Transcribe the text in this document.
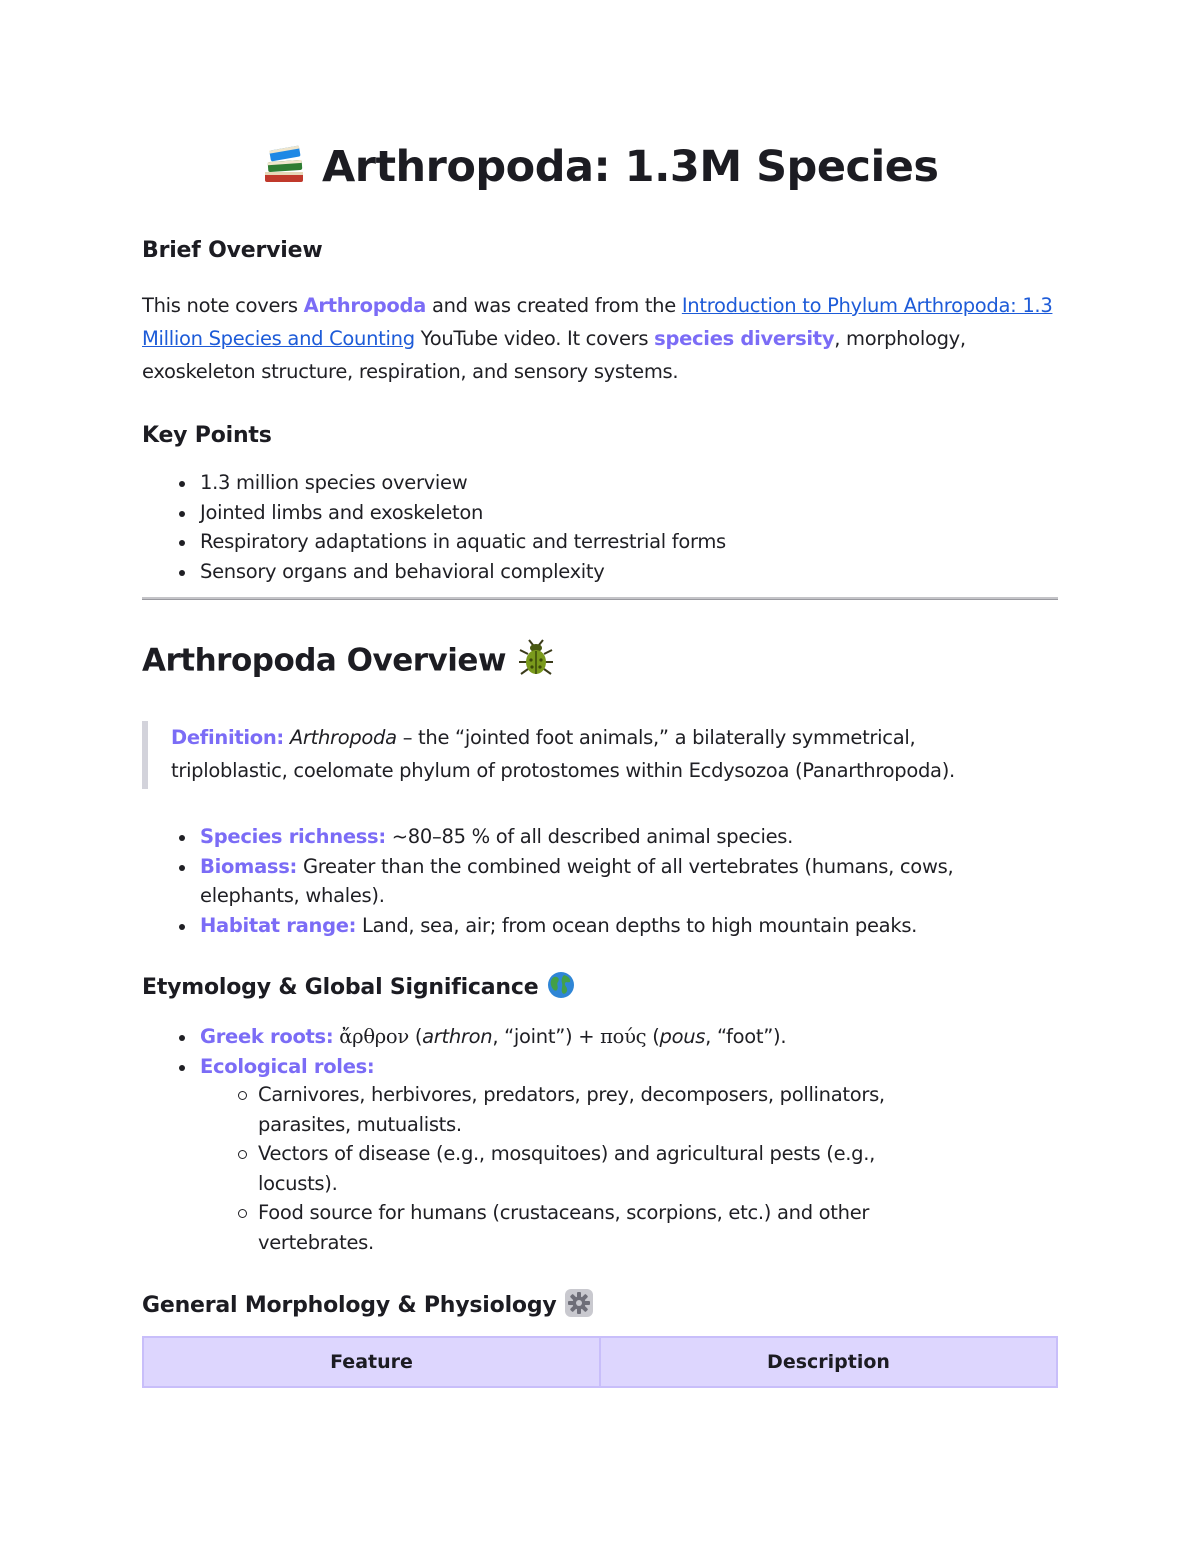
Arthropoda: 1.3M Species
Brief Overview
This note covers Arthropoda and was created from the Introduction to Phylum Arthropoda: 1.3 Million Species and Counting YouTube video. It covers species diversity, morphology, exoskeleton structure, respiration, and sensory systems.
Key Points
1.3 million species overview
Jointed limbs and exoskeleton
Respiratory adaptations in aquatic and terrestrial forms
Sensory organs and behavioral complexity
Arthropoda Overview
Definition: Arthropoda – the “jointed foot animals,” a bilaterally symmetrical,
triploblastic, coelomate phylum of protostomes within Ecdysozoa (Panarthropoda).
Species richness: ~80–85 % of all described animal species.
Biomass: Greater than the combined weight of all vertebrates (humans, cows,
elephants, whales).
Habitat range: Land, sea, air; from ocean depths to high mountain peaks.
Etymology & Global Significance
Greek roots: ἄρθρον (arthron, “joint”) + πούς (pous, “foot”).
Ecological roles:
Carnivores, herbivores, predators, prey, decomposers, pollinators,
parasites, mutualists.
Vectors of disease (e.g., mosquitoes) and agricultural pests (e.g.,
locusts).
Food source for humans (crustaceans, scorpions, etc.) and other
vertebrates.
General Morphology & Physiology
Feature	Description
